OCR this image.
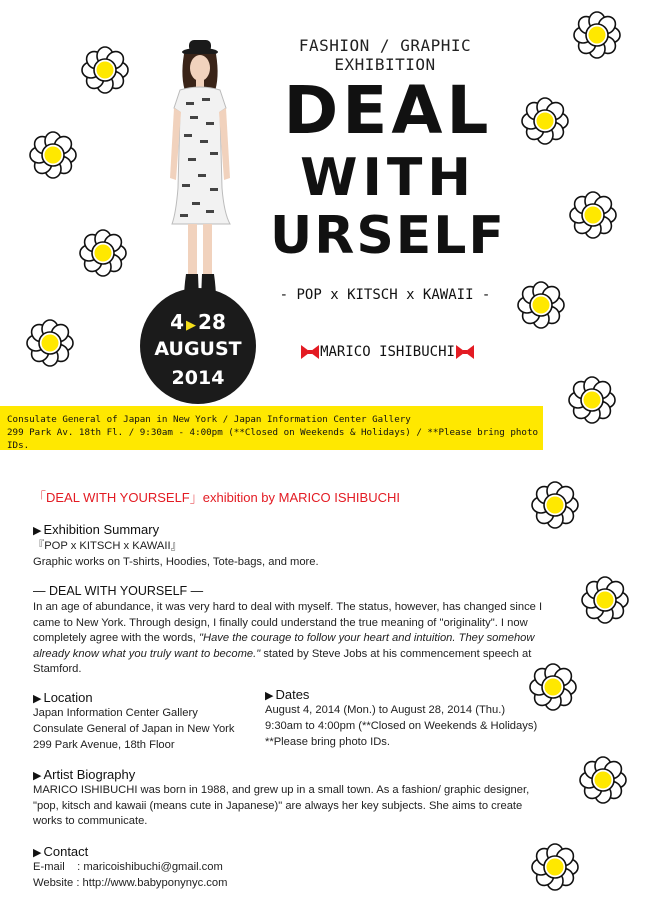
FASHION / GRAPHIC EXHIBITION
DEAL
WITH
URSELF
- POP x KITSCH x KAWAII -
MARICO ISHIBUCHI
4 ▶ 28
AUGUST
2014
Consulate General of Japan in New York / Japan Information Center Gallery
299 Park Av. 18th Fl. / 9:30am - 4:00pm (**Closed on Weekends & Holidays) / **Please bring photo IDs.
「DEAL WITH YOURSELF」exhibition by MARICO ISHIBUCHI
▶ Exhibition Summary
『POP x KITSCH x KAWAII』
Graphic works on T-shirts, Hoodies, Tote-bags, and more.
— DEAL WITH YOURSELF —
In an age of abundance, it was very hard to deal with myself. The status, however, has changed since I came to New York. Through design, I finally could understand the true meaning of "originality". I now completely agree with the words, "Have the courage to follow your heart and intuition. They somehow already know what you truly want to become." stated by Steve Jobs at his commencement speech at Stamford.
▶ Location
Japan Information Center Gallery
Consulate General of Japan in New York
299 Park Avenue, 18th Floor
▶ Dates
August 4, 2014 (Mon.) to August 28, 2014 (Thu.)
9:30am to 4:00pm (**Closed on Weekends & Holidays)
**Please bring photo IDs.
▶ Artist Biography
MARICO ISHIBUCHI was born in 1988, and grew up in a small town. As a fashion/ graphic designer, "pop, kitsch and kawaii (means cute in Japanese)" are always her key subjects. She aims to create works to communicate.
▶ Contact
E-mail    : maricoishibuchi@gmail.com
Website : http://www.babyponynyc.com
